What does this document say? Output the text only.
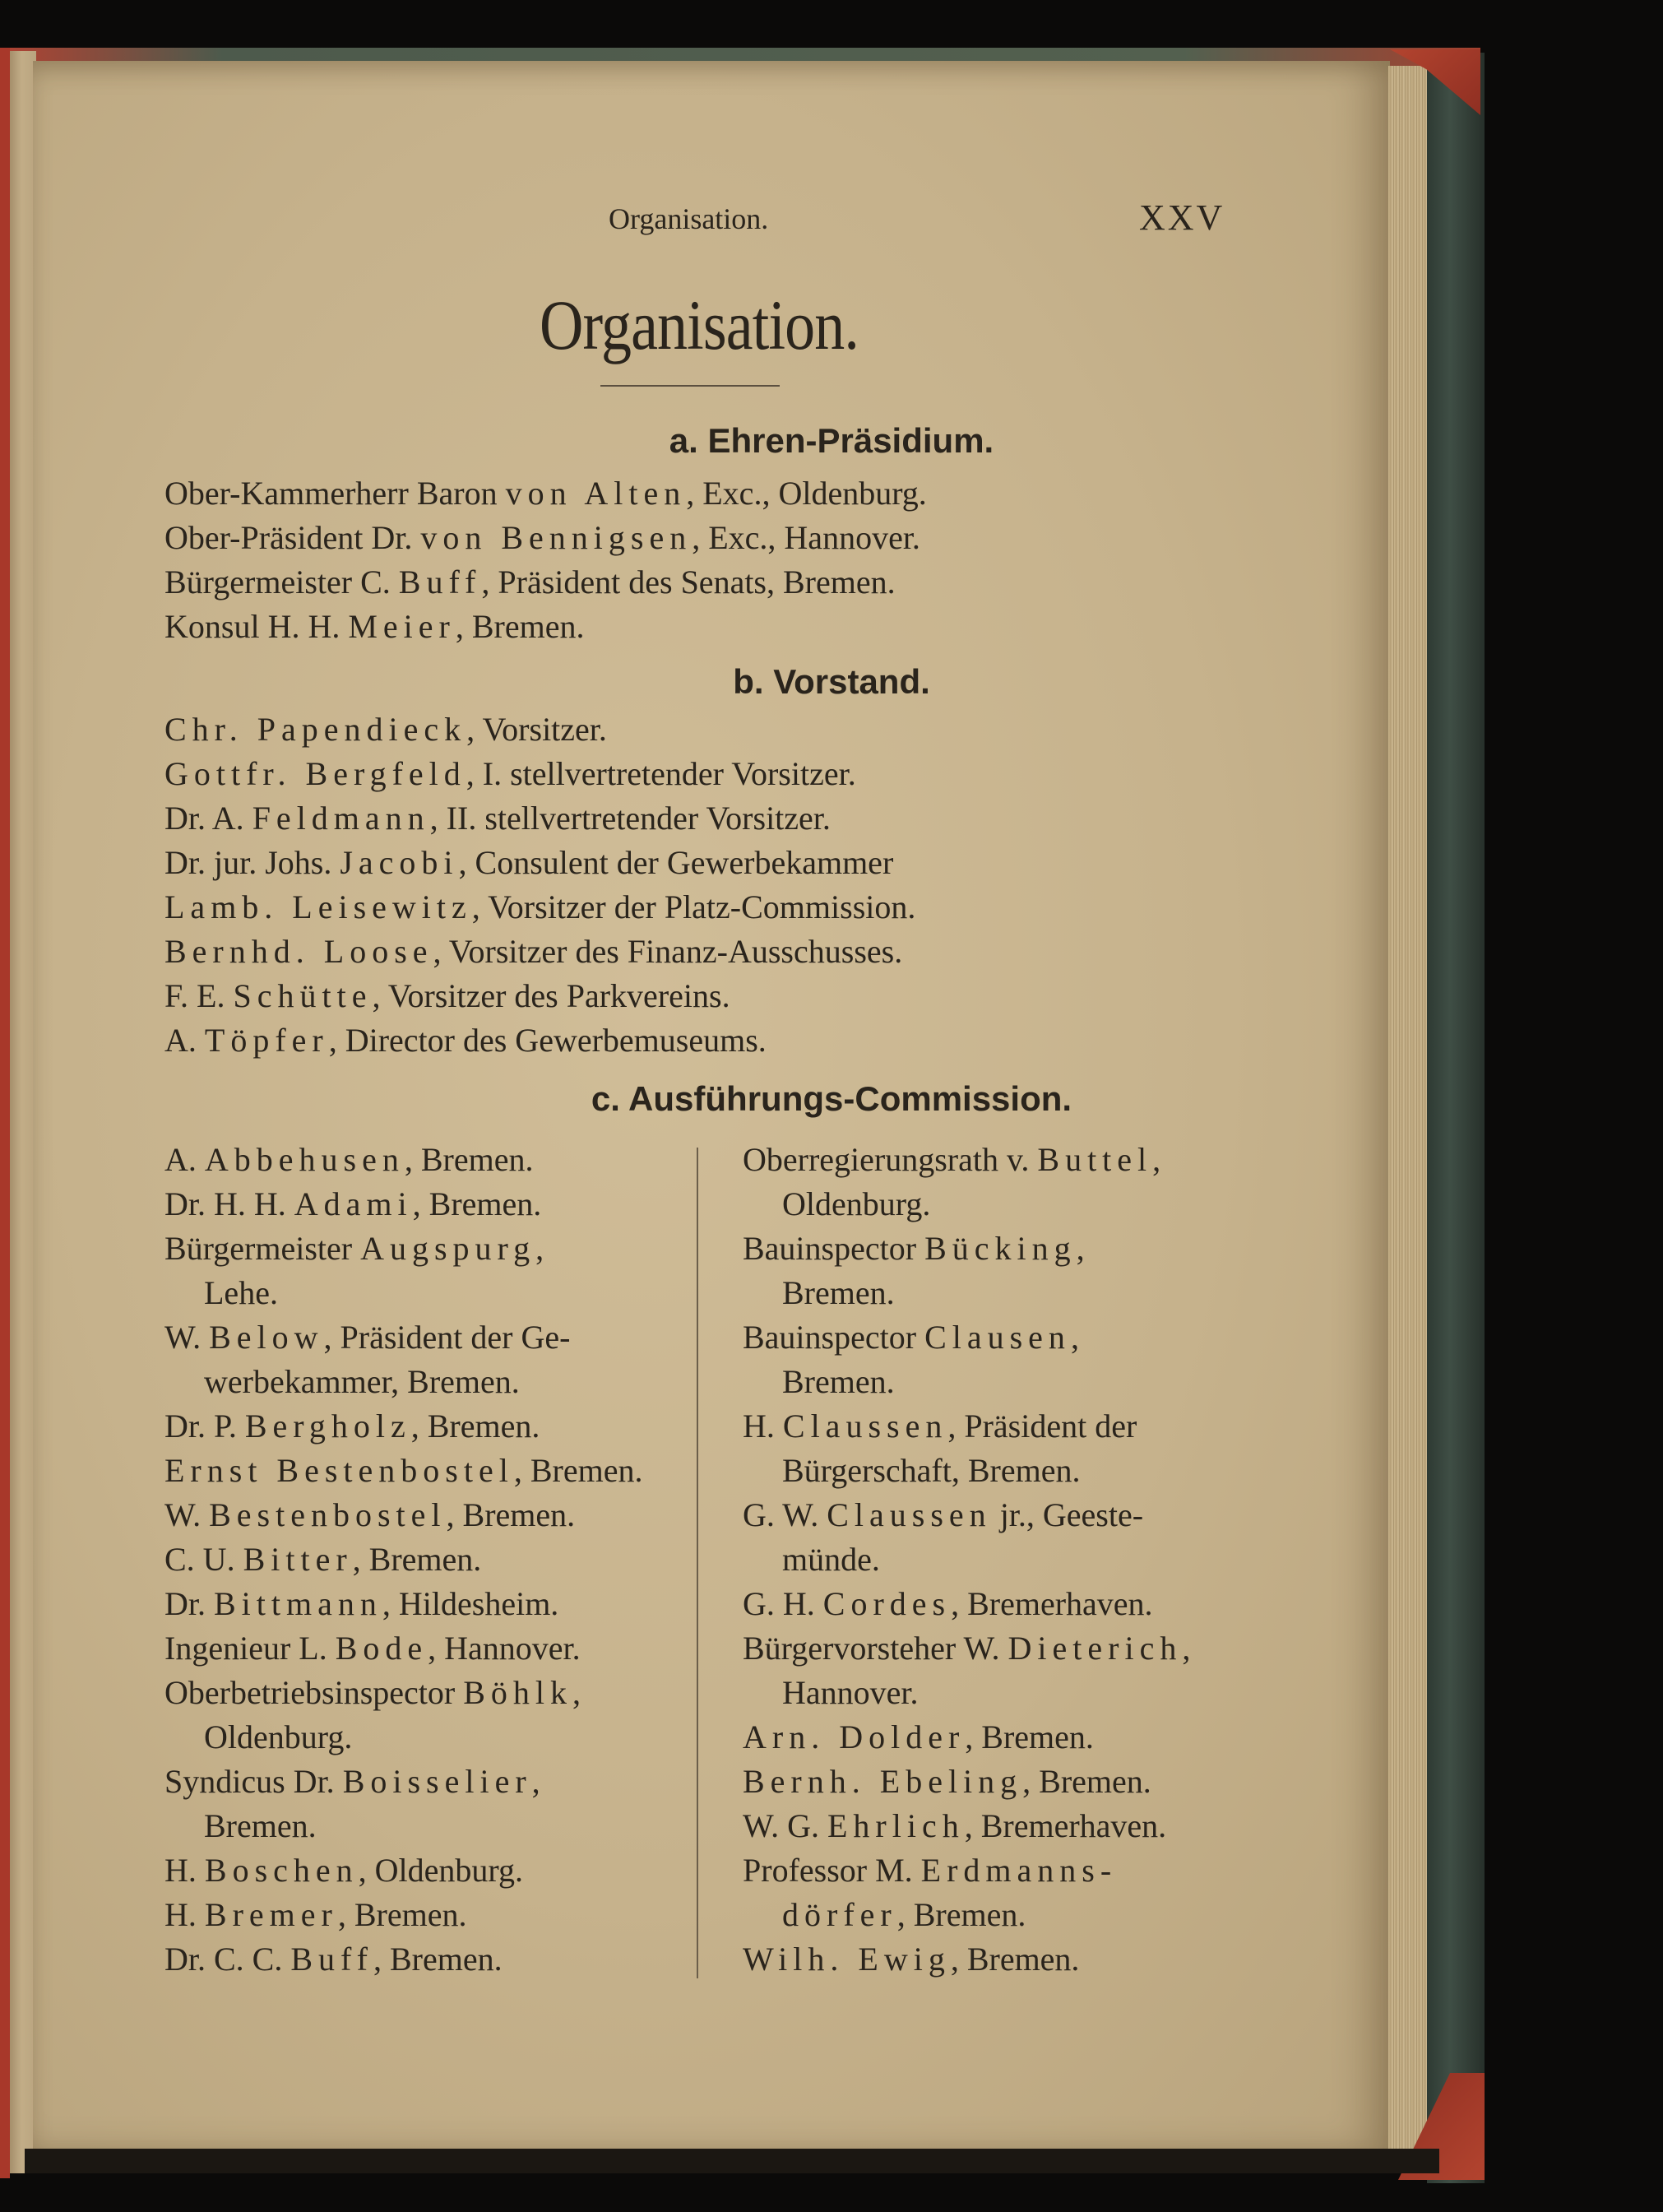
Organisation.	XXV
Organisation.
a. Ehren-Präsidium.
Ober-Kammerherr Baron von Alten, Exc., Oldenburg.
Ober-Präsident Dr. von Bennigsen, Exc., Hannover.
Bürgermeister C. Buff, Präsident des Senats, Bremen.
Konsul H. H. Meier, Bremen.
b. Vorstand.
Chr. Papendieck, Vorsitzer.
Gottfr. Bergfeld, I. stellvertretender Vorsitzer.
Dr. A. Feldmann, II. stellvertretender Vorsitzer.
Dr. jur. Johs. Jacobi, Consulent der Gewerbekammer
Lamb. Leisewitz, Vorsitzer der Platz-Commission.
Bernhd. Loose, Vorsitzer des Finanz-Ausschusses.
F. E. Schütte, Vorsitzer des Parkvereins.
A. Töpfer, Director des Gewerbemuseums.
c. Ausführungs-Commission.
A. Abbehusen, Bremen.
Dr. H. H. Adami, Bremen.
Bürgermeister Augspurg,
Lehe.
W. Below, Präsident der Ge-
werbekammer, Bremen.
Dr. P. Bergholz, Bremen.
Ernst Bestenbostel, Bremen.
W. Bestenbostel, Bremen.
C. U. Bitter, Bremen.
Dr. Bittmann, Hildesheim.
Ingenieur L. Bode, Hannover.
Oberbetriebsinspector Böhlk,
Oldenburg.
Syndicus Dr. Boisselier,
Bremen.
H. Boschen, Oldenburg.
H. Bremer, Bremen.
Dr. C. C. Buff, Bremen.
Oberregierungsrath v. Buttel,
Oldenburg.
Bauinspector Bücking,
Bremen.
Bauinspector Clausen,
Bremen.
H. Claussen, Präsident der
Bürgerschaft, Bremen.
G. W. Claussen jr., Geeste-
münde.
G. H. Cordes, Bremerhaven.
Bürgervorsteher W. Dieterich,
Hannover.
Arn. Dolder, Bremen.
Bernh. Ebeling, Bremen.
W. G. Ehrlich, Bremerhaven.
Professor M. Erdmanns-
dörfer, Bremen.
Wilh. Ewig, Bremen.
